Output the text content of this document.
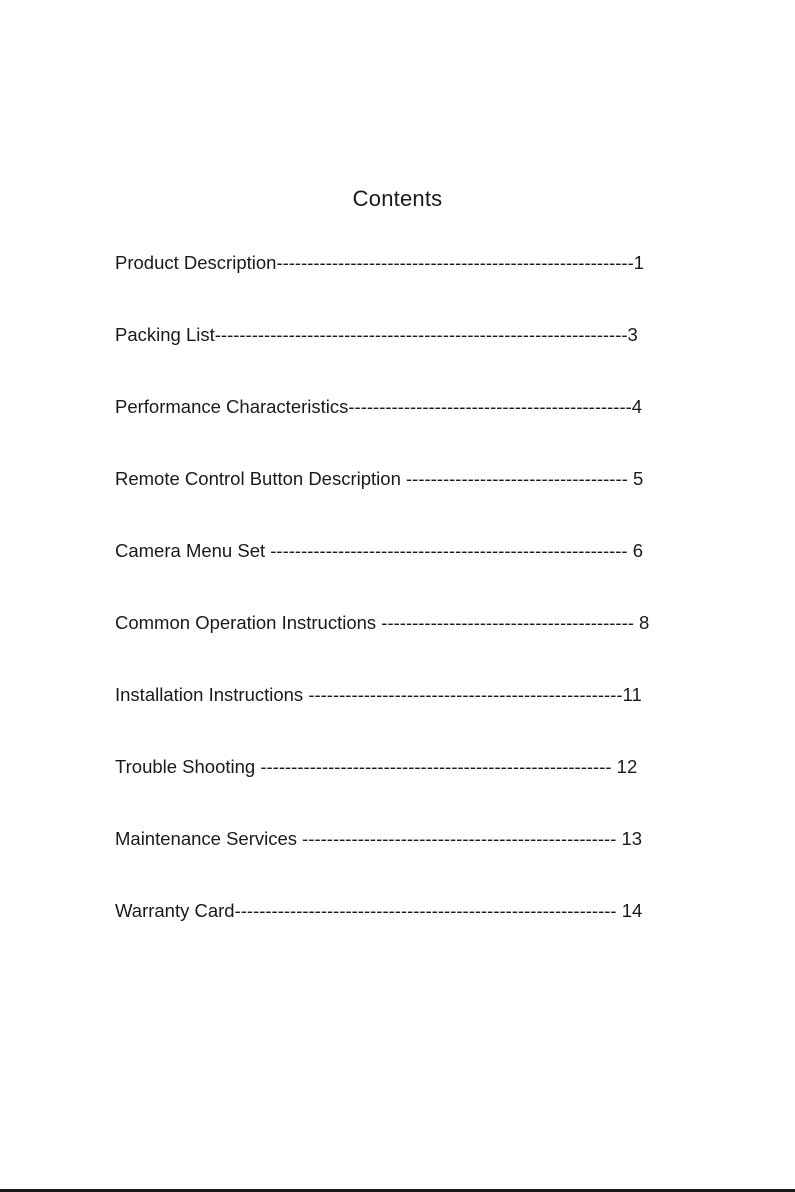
Contents
Product Description----------------------------------------------------------1
Packing List-------------------------------------------------------------------3
Performance Characteristics----------------------------------------------4
Remote Control Button Description ------------------------------------ 5
Camera Menu Set ---------------------------------------------------------- 6
Common Operation Instructions ----------------------------------------- 8
Installation Instructions ---------------------------------------------------11
Trouble Shooting --------------------------------------------------------- 12
Maintenance Services --------------------------------------------------- 13
Warranty Card-------------------------------------------------------------- 14
